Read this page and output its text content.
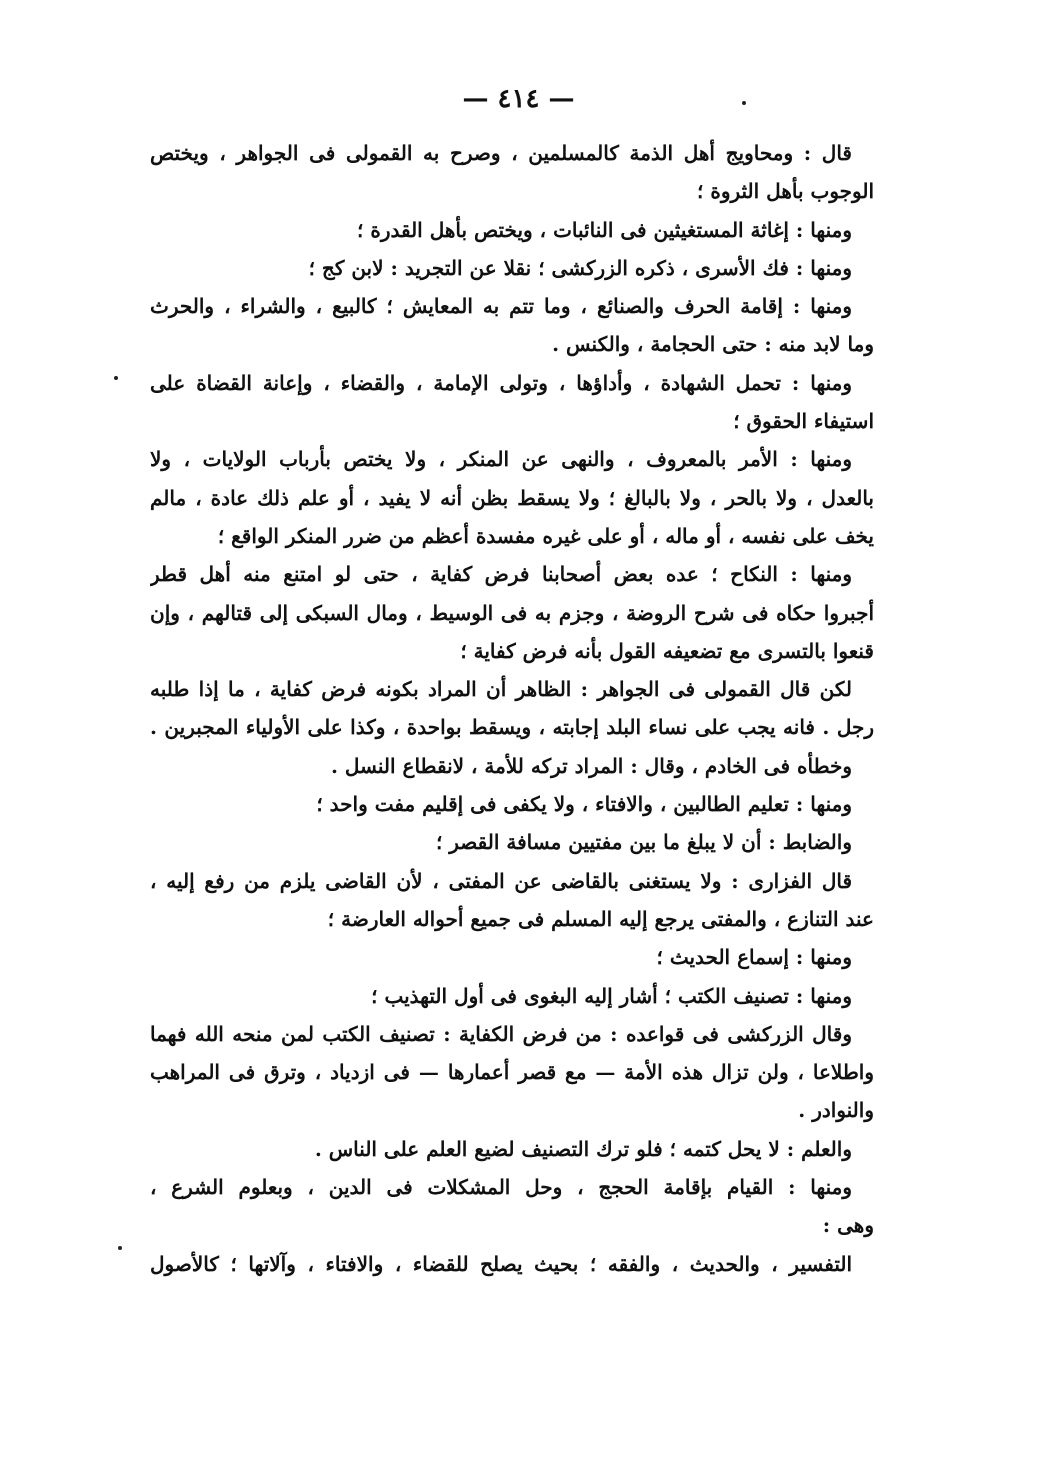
— ٤١٤ —
قال : ومحاويج أهل الذمة كالمسلمين ، وصرح به القمولى فى الجواهر ، ويختص
الوجوب بأهل الثروة ؛
ومنها : إغاثة المستغيثين فى النائبات ، ويختص بأهل القدرة ؛
ومنها : فك الأسرى ، ذكره الزركشى ؛ نقلا عن التجريد : لابن كج ؛
ومنها : إقامة الحرف والصنائع ، وما تتم به المعايش ؛ كالبيع ، والشراء ، والحرث
وما لابد منه : حتى الحجامة ، والكنس .
ومنها : تحمل الشهادة ، وأداؤها ، وتولى الإمامة ، والقضاء ، وإعانة القضاة على
استيفاء الحقوق ؛
ومنها : الأمر بالمعروف ، والنهى عن المنكر ، ولا يختص بأرباب الولايات ، ولا
بالعدل ، ولا بالحر ، ولا بالبالغ ؛ ولا يسقط بظن أنه لا يفيد ، أو علم ذلك عادة ، مالم
يخف على نفسه ، أو ماله ، أو على غيره مفسدة أعظم من ضرر المنكر الواقع ؛
ومنها : النكاح ؛ عده بعض أصحابنا فرض كفاية ، حتى لو امتنع منه أهل قطر
أجبروا حكاه فى شرح الروضة ، وجزم به فى الوسيط ، ومال السبكى إلى قتالهم ، وإن
قنعوا بالتسرى مع تضعيفه القول بأنه فرض كفاية ؛
لكن قال القمولى فى الجواهر : الظاهر أن المراد بكونه فرض كفاية ، ما إذا طلبه
رجل . فانه يجب على نساء البلد إجابته ، ويسقط بواحدة ، وكذا على الأولياء المجبرين .
وخطأه فى الخادم ، وقال : المراد تركه للأمة ، لانقطاع النسل .
ومنها : تعليم الطالبين ، والافتاء ، ولا يكفى فى إقليم مفت واحد ؛
والضابط : أن لا يبلغ ما بين مفتيين مسافة القصر ؛
قال الفزارى : ولا يستغنى بالقاضى عن المفتى ، لأن القاضى يلزم من رفع إليه ،
عند التنازع ، والمفتى يرجع إليه المسلم فى جميع أحواله العارضة ؛
ومنها : إسماع الحديث ؛
ومنها : تصنيف الكتب ؛ أشار إليه البغوى فى أول التهذيب ؛
وقال الزركشى فى قواعده : من فرض الكفاية : تصنيف الكتب لمن منحه الله فهما
واطلاعا ، ولن تزال هذه الأمة — مع قصر أعمارها — فى ازدياد ، وترق فى المراهب
والنوادر .
والعلم : لا يحل كتمه ؛ فلو ترك التصنيف لضيع العلم على الناس .
ومنها : القيام بإقامة الحجج ، وحل المشكلات فى الدين ، وبعلوم الشرع ،
وهى :
التفسير ، والحديث ، والفقه ؛ بحيث يصلح للقضاء ، والافتاء ، وآلاتها ؛ كالأصول
